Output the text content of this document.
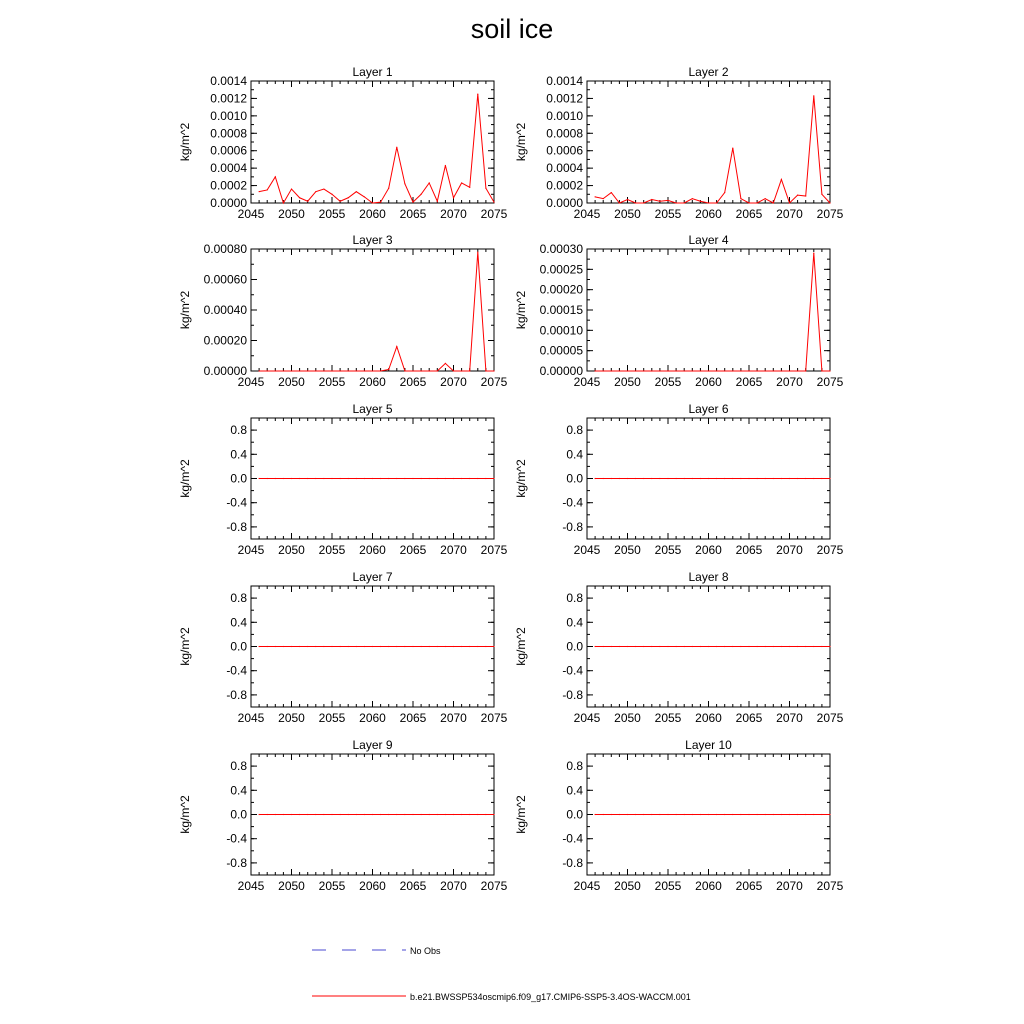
soil ice
Layer 1
kg/m^2
2045 2050 2055 2060 2065 2070 2075
0.0000
0.0002
0.0004
0.0006
0.0008
0.0010
0.0012
0.0014
Layer 2
kg/m^2
2045 2050 2055 2060 2065 2070 2075
0.0000
0.0002
0.0004
0.0006
0.0008
0.0010
0.0012
0.0014
Layer 3
kg/m^2
2045 2050 2055 2060 2065 2070 2075
0.00000
0.00020
0.00040
0.00060
0.00080
Layer 4
kg/m^2
2045 2050 2055 2060 2065 2070 2075
0.00000
0.00005
0.00010
0.00015
0.00020
0.00025
0.00030
Layer 5
kg/m^2
2045 2050 2055 2060 2065 2070 2075
-0.8
-0.4
0.0
0.4
0.8
Layer 6
kg/m^2
2045 2050 2055 2060 2065 2070 2075
-0.8
-0.4
0.0
0.4
0.8
Layer 7
kg/m^2
2045 2050 2055 2060 2065 2070 2075
-0.8
-0.4
0.0
0.4
0.8
Layer 8
kg/m^2
2045 2050 2055 2060 2065 2070 2075
-0.8
-0.4
0.0
0.4
0.8
Layer 9
kg/m^2
2045 2050 2055 2060 2065 2070 2075
-0.8
-0.4
0.0
0.4
0.8
Layer 10
kg/m^2
2045 2050 2055 2060 2065 2070 2075
-0.8
-0.4
0.0
0.4
0.8
No Obs
b.e21.BWSSP534oscmip6.f09_g17.CMIP6-SSP5-3.4OS-WACCM.001
